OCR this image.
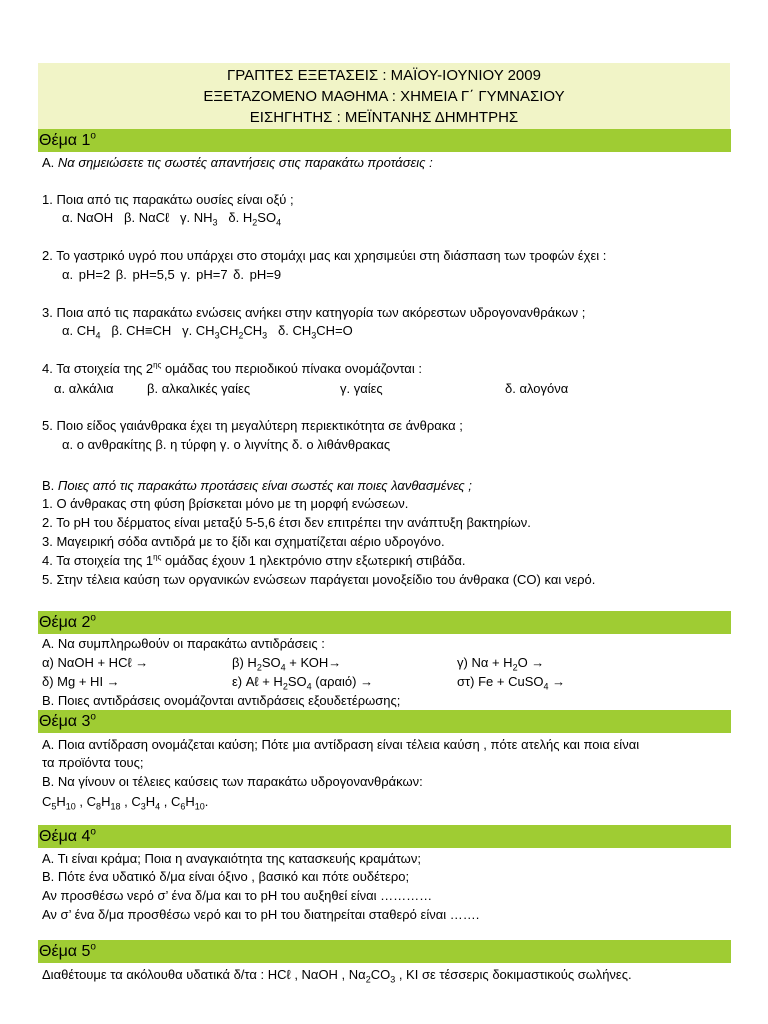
ΓΡΑΠΤΕΣ ΕΞΕΤΑΣΕΙΣ : ΜΑΪΟΥ-ΙΟΥΝΙΟΥ 2009
ΕΞΕΤΑΖΟΜΕΝΟ ΜΑΘΗΜΑ : ΧΗΜΕΙΑ Γ΄ ΓΥΜΝΑΣΙΟΥ
ΕΙΣΗΓΗΤΗΣ : ΜΕΪΝΤΑΝΗΣ ΔΗΜΗΤΡΗΣ
Θέμα $1^o$
Α. Να σημειώσετε τις σωστές απαντήσεις στις παρακάτω προτάσεις :
1. Ποια από τις παρακάτω ουσίες είναι οξύ ;
α. ΝαΟΗ β. ΝαCℓ γ. $NH_3$ δ. $H_2SO_4$
2. Το γαστρικό υγρό που υπάρχει στο στομάχι μας και χρησιμεύει στη διάσπαση των τροφών έχει :
α. pH=2 β. pH=5,5 γ. pH=7 δ. pH=9
3. Ποια από τις παρακάτω ενώσεις ανήκει στην κατηγορία των ακόρεστων υδρογονανθράκων ;
α. $CH_4$ β. CH≡CH γ. $CH_3CH_2CH_3$ δ. $CH_3CH=O$
4. Τα στοιχεία της $2^{\eta\varsigma}$ ομάδας του περιοδικού πίνακα ονομάζονται :
α. αλκάλια	β. αλκαλικές γαίες	γ. γαίες	δ. αλογόνα
5. Ποιο είδος γαιάνθρακα έχει τη μεγαλύτερη περιεκτικότητα σε άνθρακα ;
α. ο ανθρακίτης β. η τύρφη γ. ο λιγνίτης δ. ο λιθάνθρακας
Β. Ποιες από τις παρακάτω προτάσεις είναι σωστές και ποιες λανθασμένες ;
1. Ο άνθρακας στη φύση βρίσκεται μόνο με τη μορφή ενώσεων.
2. Το pH του δέρματος είναι μεταξύ 5-5,6 έτσι δεν επιτρέπει την ανάπτυξη βακτηρίων.
3. Μαγειρική σόδα αντιδρά με το ξίδι και σχηματίζεται αέριο υδρογόνο.
4. Τα στοιχεία της $1^{\eta\varsigma}$ ομάδας έχουν 1 ηλεκτρόνιο στην εξωτερική στιβάδα.
5. Στην τέλεια καύση των οργανικών ενώσεων παράγεται μονοξείδιο του άνθρακα (CO) και νερό.
Θέμα $2^o$
Α. Να συμπληρωθούν οι παρακάτω αντιδράσεις :
α) ΝαΟΗ + ΗCℓ →	β) $H_2SO_4 + KOH\to$	γ) $N\alpha + H_2O$ →
δ) Mg + HI →	ε) Aℓ + $H_2SO_4$ (αραιό) →	στ) Fe + CuSO$_4$ →
Β. Ποιες αντιδράσεις ονομάζονται αντιδράσεις εξουδετέρωσης;
Θέμα $3^o$
Α. Ποια αντίδραση ονομάζεται καύση; Πότε μια αντίδραση είναι τέλεια καύση , πότε ατελής και ποια είναι
τα προϊόντα τους;
Β. Να γίνουν οι τέλειες καύσεις των παρακάτω υδρογονανθράκων:
$C_5H_{10}$ , $C_8H_{18}$ , $C_3H_4$ , $C_6H_{10}$.
Θέμα $4^o$
Α. Τι είναι κράμα; Ποια η αναγκαιότητα της κατασκευής κραμάτων;
Β. Πότε ένα υδατικό δ/μα είναι όξινο , βασικό και πότε ουδέτερο;
Αν προσθέσω νερό σ’ ένα δ/μα και το pH του αυξηθεί είναι …………
Αν σ’ ένα δ/μα προσθέσω νερό και το pH του διατηρείται σταθερό είναι …….
Θέμα $5^o$
Διαθέτουμε τα ακόλουθα υδατικά δ/τα : HCℓ , ΝαΟΗ , $N\alpha_2CO_3$ , KI σε τέσσερις δοκιμαστικούς σωλήνες.
